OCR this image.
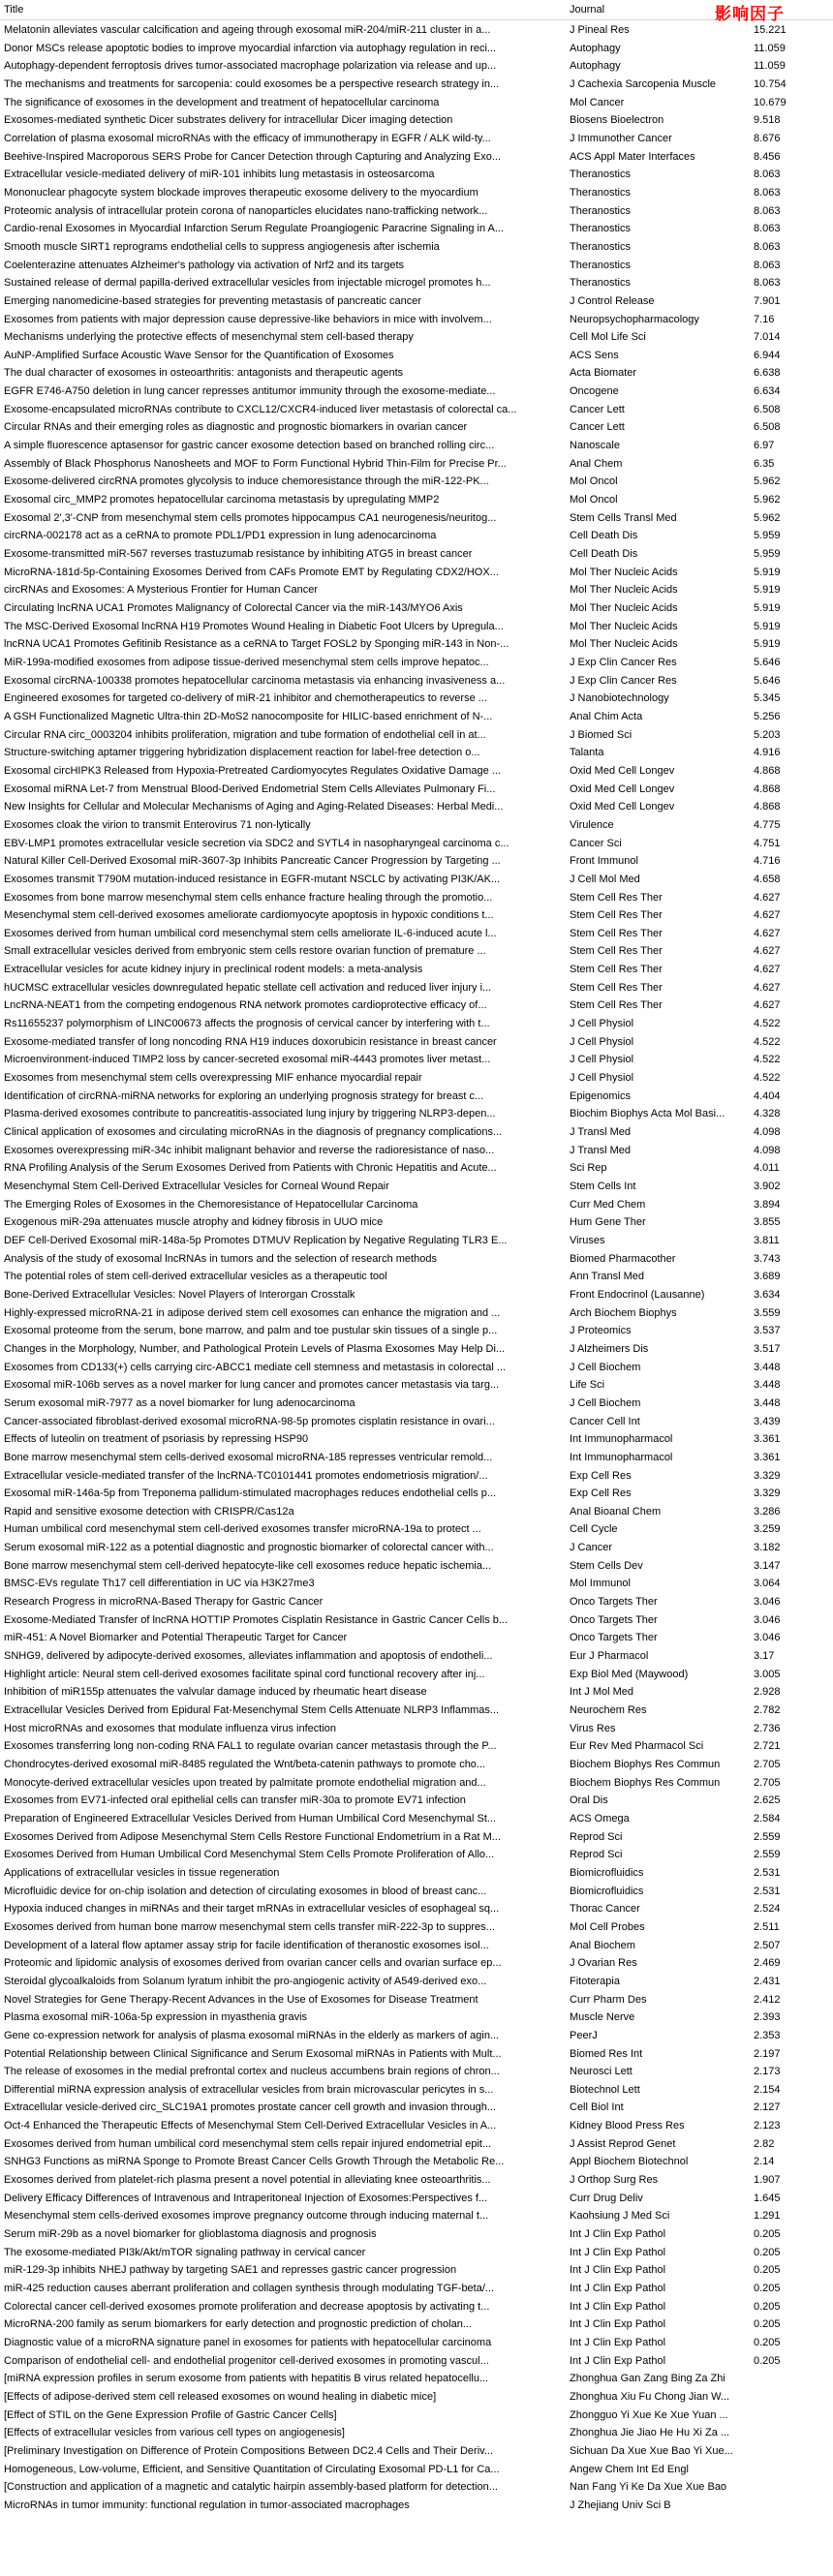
Title	Journal	影响因子
Melatonin alleviates vascular calcification and ageing through exosomal miR-204/miR-211 cluster in a...	J Pineal Res	15.221
Donor MSCs release apoptotic bodies to improve myocardial infarction via autophagy regulation in reci...	Autophagy	11.059
Autophagy-dependent ferroptosis drives tumor-associated macrophage polarization via release and up...	Autophagy	11.059
The mechanisms and treatments for sarcopenia: could exosomes be a perspective research strategy in...	J Cachexia Sarcopenia Muscle	10.754
The significance of exosomes in the development and treatment of hepatocellular carcinoma	Mol Cancer	10.679
Exosomes-mediated synthetic Dicer substrates delivery for intracellular Dicer imaging detection	Biosens Bioelectron	9.518
Correlation of plasma exosomal microRNAs with the efficacy of immunotherapy in EGFR / ALK wild-ty...	J Immunother Cancer	8.676
Beehive-Inspired Macroporous SERS Probe for Cancer Detection through Capturing and Analyzing Exo...	ACS Appl Mater Interfaces	8.456
Extracellular vesicle-mediated delivery of miR-101 inhibits lung metastasis in osteosarcoma	Theranostics	8.063
Mononuclear phagocyte system blockade improves therapeutic exosome delivery to the myocardium	Theranostics	8.063
Proteomic analysis of intracellular protein corona of nanoparticles elucidates nano-trafficking network...	Theranostics	8.063
Cardio-renal Exosomes in Myocardial Infarction Serum Regulate Proangiogenic Paracrine Signaling in A...	Theranostics	8.063
Smooth muscle SIRT1 reprograms endothelial cells to suppress angiogenesis after ischemia	Theranostics	8.063
Coelenterazine attenuates Alzheimer's pathology via activation of Nrf2 and its targets	Theranostics	8.063
Sustained release of dermal papilla-derived extracellular vesicles from injectable microgel promotes h...	Theranostics	8.063
Emerging nanomedicine-based strategies for preventing metastasis of pancreatic cancer	J Control Release	7.901
Exosomes from patients with major depression cause depressive-like behaviors in mice with involvem...	Neuropsychopharmacology	7.16
Mechanisms underlying the protective effects of mesenchymal stem cell-based therapy	Cell Mol Life Sci	7.014
AuNP-Amplified Surface Acoustic Wave Sensor for the Quantification of Exosomes	ACS Sens	6.944
The dual character of exosomes in osteoarthritis: antagonists and therapeutic agents	Acta Biomater	6.638
EGFR E746-A750 deletion in lung cancer represses antitumor immunity through the exosome-mediate...	Oncogene	6.634
Exosome-encapsulated microRNAs contribute to CXCL12/CXCR4-induced liver metastasis of colorectal ca...	Cancer Lett	6.508
Circular RNAs and their emerging roles as diagnostic and prognostic biomarkers in ovarian cancer	Cancer Lett	6.508
A simple fluorescence aptasensor for gastric cancer exosome detection based on branched rolling circ...	Nanoscale	6.97
Assembly of Black Phosphorus Nanosheets and MOF to Form Functional Hybrid Thin-Film for Precise Pr...	Anal Chem	6.35
Exosome-delivered circRNA promotes glycolysis to induce chemoresistance through the miR-122-PK...	Mol Oncol	5.962
Exosomal circ_MMP2 promotes hepatocellular carcinoma metastasis by upregulating MMP2	Mol Oncol	5.962
Exosomal 2',3'-CNP from mesenchymal stem cells promotes hippocampus CA1 neurogenesis/neuritog...	Stem Cells Transl Med	5.962
circRNA-002178 act as a ceRNA to promote PDL1/PD1 expression in lung adenocarcinoma	Cell Death Dis	5.959
Exosome-transmitted miR-567 reverses trastuzumab resistance by inhibiting ATG5 in breast cancer	Cell Death Dis	5.959
MicroRNA-181d-5p-Containing Exosomes Derived from CAFs Promote EMT by Regulating CDX2/HOX...	Mol Ther Nucleic Acids	5.919
circRNAs and Exosomes: A Mysterious Frontier for Human Cancer	Mol Ther Nucleic Acids	5.919
Circulating lncRNA UCA1 Promotes Malignancy of Colorectal Cancer via the miR-143/MYO6 Axis	Mol Ther Nucleic Acids	5.919
The MSC-Derived Exosomal lncRNA H19 Promotes Wound Healing in Diabetic Foot Ulcers by Upregula...	Mol Ther Nucleic Acids	5.919
lncRNA UCA1 Promotes Gefitinib Resistance as a ceRNA to Target FOSL2 by Sponging miR-143 in Non-...	Mol Ther Nucleic Acids	5.919
MiR-199a-modified exosomes from adipose tissue-derived mesenchymal stem cells improve hepatoc...	J Exp Clin Cancer Res	5.646
Exosomal circRNA-100338 promotes hepatocellular carcinoma metastasis via enhancing invasiveness a...	J Exp Clin Cancer Res	5.646
Engineered exosomes for targeted co-delivery of miR-21 inhibitor and chemotherapeutics to reverse ...	J Nanobiotechnology	5.345
A GSH Functionalized Magnetic Ultra-thin 2D-MoS2 nanocomposite for HILIC-based enrichment of N-...	Anal Chim Acta	5.256
Circular RNA circ_0003204 inhibits proliferation, migration and tube formation of endothelial cell in at...	J Biomed Sci	5.203
Structure-switching aptamer triggering hybridization displacement reaction for label-free detection o...	Talanta	4.916
Exosomal circHIPK3 Released from Hypoxia-Pretreated Cardiomyocytes Regulates Oxidative Damage ...	Oxid Med Cell Longev	4.868
Exosomal miRNA Let-7 from Menstrual Blood-Derived Endometrial Stem Cells Alleviates Pulmonary Fi...	Oxid Med Cell Longev	4.868
New Insights for Cellular and Molecular Mechanisms of Aging and Aging-Related Diseases: Herbal Medi...	Oxid Med Cell Longev	4.868
Exosomes cloak the virion to transmit Enterovirus 71 non-lytically	Virulence	4.775
EBV-LMP1 promotes extracellular vesicle secretion via SDC2 and SYTL4 in nasopharyngeal carcinoma c...	Cancer Sci	4.751
Natural Killer Cell-Derived Exosomal miR-3607-3p Inhibits Pancreatic Cancer Progression by Targeting ...	Front Immunol	4.716
Exosomes transmit T790M mutation-induced resistance in EGFR-mutant NSCLC by activating PI3K/AK...	J Cell Mol Med	4.658
Exosomes from bone marrow mesenchymal stem cells enhance fracture healing through the promotio...	Stem Cell Res Ther	4.627
Mesenchymal stem cell-derived exosomes ameliorate cardiomyocyte apoptosis in hypoxic conditions t...	Stem Cell Res Ther	4.627
Exosomes derived from human umbilical cord mesenchymal stem cells ameliorate IL-6-induced acute l...	Stem Cell Res Ther	4.627
Small extracellular vesicles derived from embryonic stem cells restore ovarian function of premature ...	Stem Cell Res Ther	4.627
Extracellular vesicles for acute kidney injury in preclinical rodent models: a meta-analysis	Stem Cell Res Ther	4.627
hUCMSC extracellular vesicles downregulated hepatic stellate cell activation and reduced liver injury i...	Stem Cell Res Ther	4.627
LncRNA-NEAT1 from the competing endogenous RNA network promotes cardioprotective efficacy of...	Stem Cell Res Ther	4.627
Rs11655237 polymorphism of LINC00673 affects the prognosis of cervical cancer by interfering with t...	J Cell Physiol	4.522
Exosome-mediated transfer of long noncoding RNA H19 induces doxorubicin resistance in breast cancer	J Cell Physiol	4.522
Microenvironment-induced TIMP2 loss by cancer-secreted exosomal miR-4443 promotes liver metast...	J Cell Physiol	4.522
Exosomes from mesenchymal stem cells overexpressing MIF enhance myocardial repair	J Cell Physiol	4.522
Identification of circRNA-miRNA networks for exploring an underlying prognosis strategy for breast c...	Epigenomics	4.404
Plasma-derived exosomes contribute to pancreatitis-associated lung injury by triggering NLRP3-depen...	Biochim Biophys Acta Mol Basi...	4.328
Clinical application of exosomes and circulating microRNAs in the diagnosis of pregnancy complications...	J Transl Med	4.098
Exosomes overexpressing miR-34c inhibit malignant behavior and reverse the radioresistance of naso...	J Transl Med	4.098
RNA Profiling Analysis of the Serum Exosomes Derived from Patients with Chronic Hepatitis and Acute...	Sci Rep	4.011
Mesenchymal Stem Cell-Derived Extracellular Vesicles for Corneal Wound Repair	Stem Cells Int	3.902
The Emerging Roles of Exosomes in the Chemoresistance of Hepatocellular Carcinoma	Curr Med Chem	3.894
Exogenous miR-29a attenuates muscle atrophy and kidney fibrosis in UUO mice	Hum Gene Ther	3.855
DEF Cell-Derived Exosomal miR-148a-5p Promotes DTMUV Replication by Negative Regulating TLR3 E...	Viruses	3.811
Analysis of the study of exosomal lncRNAs in tumors and the selection of research methods	Biomed Pharmacother	3.743
The potential roles of stem cell-derived extracellular vesicles as a therapeutic tool	Ann Transl Med	3.689
Bone-Derived Extracellular Vesicles: Novel Players of Interorgan Crosstalk	Front Endocrinol (Lausanne)	3.634
Highly-expressed microRNA-21 in adipose derived stem cell exosomes can enhance the migration and ...	Arch Biochem Biophys	3.559
Exosomal proteome from the serum, bone marrow, and palm and toe pustular skin tissues of a single p...	J Proteomics	3.537
Changes in the Morphology, Number, and Pathological Protein Levels of Plasma Exosomes May Help Di...	J Alzheimers Dis	3.517
Exosomes from CD133(+) cells carrying circ-ABCC1 mediate cell stemness and metastasis in colorectal ...	J Cell Biochem	3.448
Exosomal miR-106b serves as a novel marker for lung cancer and promotes cancer metastasis via targ...	Life Sci	3.448
Serum exosomal miR-7977 as a novel biomarker for lung adenocarcinoma	J Cell Biochem	3.448
Cancer-associated fibroblast-derived exosomal microRNA-98-5p promotes cisplatin resistance in ovari...	Cancer Cell Int	3.439
Effects of luteolin on treatment of psoriasis by repressing HSP90	Int Immunopharmacol	3.361
Bone marrow mesenchymal stem cells-derived exosomal microRNA-185 represses ventricular remold...	Int Immunopharmacol	3.361
Extracellular vesicle-mediated transfer of the lncRNA-TC0101441 promotes endometriosis migration/...	Exp Cell Res	3.329
Exosomal miR-146a-5p from Treponema pallidum-stimulated macrophages reduces endothelial cells p...	Exp Cell Res	3.329
Rapid and sensitive exosome detection with CRISPR/Cas12a	Anal Bioanal Chem	3.286
Human umbilical cord mesenchymal stem cell-derived exosomes transfer microRNA-19a to protect ...	Cell Cycle	3.259
Serum exosomal miR-122 as a potential diagnostic and prognostic biomarker of colorectal cancer with...	J Cancer	3.182
Bone marrow mesenchymal stem cell-derived hepatocyte-like cell exosomes reduce hepatic ischemia...	Stem Cells Dev	3.147
BMSC-EVs regulate Th17 cell differentiation in UC via H3K27me3	Mol Immunol	3.064
Research Progress in microRNA-Based Therapy for Gastric Cancer	Onco Targets Ther	3.046
Exosome-Mediated Transfer of lncRNA HOTTIP Promotes Cisplatin Resistance in Gastric Cancer Cells b...	Onco Targets Ther	3.046
miR-451: A Novel Biomarker and Potential Therapeutic Target for Cancer	Onco Targets Ther	3.046
SNHG9, delivered by adipocyte-derived exosomes, alleviates inflammation and apoptosis of endotheli...	Eur J Pharmacol	3.17
Highlight article: Neural stem cell-derived exosomes facilitate spinal cord functional recovery after inj...	Exp Biol Med (Maywood)	3.005
Inhibition of miR155p attenuates the valvular damage induced by rheumatic heart disease	Int J Mol Med	2.928
Extracellular Vesicles Derived from Epidural Fat-Mesenchymal Stem Cells Attenuate NLRP3 Inflammas...	Neurochem Res	2.782
Host microRNAs and exosomes that modulate influenza virus infection	Virus Res	2.736
Exosomes transferring long non-coding RNA FAL1 to regulate ovarian cancer metastasis through the P...	Eur Rev Med Pharmacol Sci	2.721
Chondrocytes-derived exosomal miR-8485 regulated the Wnt/beta-catenin pathways to promote cho...	Biochem Biophys Res Commun	2.705
Monocyte-derived extracellular vesicles upon treated by palmitate promote endothelial migration and...	Biochem Biophys Res Commun	2.705
Exosomes from EV71-infected oral epithelial cells can transfer miR-30a to promote EV71 infection	Oral Dis	2.625
Preparation of Engineered Extracellular Vesicles Derived from Human Umbilical Cord Mesenchymal St...	ACS Omega	2.584
Exosomes Derived from Adipose Mesenchymal Stem Cells Restore Functional Endometrium in a Rat M...	Reprod Sci	2.559
Exosomes Derived from Human Umbilical Cord Mesenchymal Stem Cells Promote Proliferation of Allo...	Reprod Sci	2.559
Applications of extracellular vesicles in tissue regeneration	Biomicrofluidics	2.531
Microfluidic device for on-chip isolation and detection of circulating exosomes in blood of breast canc...	Biomicrofluidics	2.531
Hypoxia induced changes in miRNAs and their target mRNAs in extracellular vesicles of esophageal sq...	Thorac Cancer	2.524
Exosomes derived from human bone marrow mesenchymal stem cells transfer miR-222-3p to suppres...	Mol Cell Probes	2.511
Development of a lateral flow aptamer assay strip for facile identification of theranostic exosomes isol...	Anal Biochem	2.507
Proteomic and lipidomic analysis of exosomes derived from ovarian cancer cells and ovarian surface ep...	J Ovarian Res	2.469
Steroidal glycoalkaloids from Solanum lyratum inhibit the pro-angiogenic activity of A549-derived exo...	Fitoterapia	2.431
Novel Strategies for Gene Therapy-Recent Advances in the Use of Exosomes for Disease Treatment	Curr Pharm Des	2.412
Plasma exosomal miR-106a-5p expression in myasthenia gravis	Muscle Nerve	2.393
Gene co-expression network for analysis of plasma exosomal miRNAs in the elderly as markers of agin...	PeerJ	2.353
Potential Relationship between Clinical Significance and Serum Exosomal miRNAs in Patients with Mult...	Biomed Res Int	2.197
The release of exosomes in the medial prefrontal cortex and nucleus accumbens brain regions of chron...	Neurosci Lett	2.173
Differential miRNA expression analysis of extracellular vesicles from brain microvascular pericytes in s...	Biotechnol Lett	2.154
Extracellular vesicle-derived circ_SLC19A1 promotes prostate cancer cell growth and invasion through...	Cell Biol Int	2.127
Oct-4 Enhanced the Therapeutic Effects of Mesenchymal Stem Cell-Derived Extracellular Vesicles in A...	Kidney Blood Press Res	2.123
Exosomes derived from human umbilical cord mesenchymal stem cells repair injured endometrial epit...	J Assist Reprod Genet	2.82
SNHG3 Functions as miRNA Sponge to Promote Breast Cancer Cells Growth Through the Metabolic Re...	Appl Biochem Biotechnol	2.14
Exosomes derived from platelet-rich plasma present a novel potential in alleviating knee osteoarthritis...	J Orthop Surg Res	1.907
Delivery Efficacy Differences of Intravenous and Intraperitoneal Injection of Exosomes:Perspectives f...	Curr Drug Deliv	1.645
Mesenchymal stem cells-derived exosomes improve pregnancy outcome through inducing maternal t...	Kaohsiung J Med Sci	1.291
Serum miR-29b as a novel biomarker for glioblastoma diagnosis and prognosis	Int J Clin Exp Pathol	0.205
The exosome-mediated PI3k/Akt/mTOR signaling pathway in cervical cancer	Int J Clin Exp Pathol	0.205
miR-129-3p inhibits NHEJ pathway by targeting SAE1 and represses gastric cancer progression	Int J Clin Exp Pathol	0.205
miR-425 reduction causes aberrant proliferation and collagen synthesis through modulating TGF-beta/...	Int J Clin Exp Pathol	0.205
Colorectal cancer cell-derived exosomes promote proliferation and decrease apoptosis by activating t...	Int J Clin Exp Pathol	0.205
MicroRNA-200 family as serum biomarkers for early detection and prognostic prediction of cholan...	Int J Clin Exp Pathol	0.205
Diagnostic value of a microRNA signature panel in exosomes for patients with hepatocellular carcinoma	Int J Clin Exp Pathol	0.205
Comparison of endothelial cell- and endothelial progenitor cell-derived exosomes in promoting vascul...	Int J Clin Exp Pathol	0.205
[miRNA expression profiles in serum exosome from patients with hepatitis B virus related hepatocellu...	Zhonghua Gan Zang Bing Za Zhi
[Effects of adipose-derived stem cell released exosomes on wound healing in diabetic mice]	Zhonghua Xiu Fu Chong Jian W...
[Effect of STIL on the Gene Expression Profile of Gastric Cancer Cells]	Zhongguo Yi Xue Ke Xue Yuan ...
[Effects of extracellular vesicles from various cell types on angiogenesis]	Zhonghua Jie Jiao He Hu Xi Za ...
[Preliminary Investigation on Difference of Protein Compositions Between DC2.4 Cells and Their Deriv...	Sichuan Da Xue Xue Bao Yi Xue...
Homogeneous, Low-volume, Efficient, and Sensitive Quantitation of Circulating Exosomal PD-L1 for Ca...	Angew Chem Int Ed Engl
[Construction and application of a magnetic and catalytic hairpin assembly-based platform for detection...	Nan Fang Yi Ke Da Xue Xue Bao
MicroRNAs in tumor immunity: functional regulation in tumor-associated macrophages	J Zhejiang Univ Sci B
